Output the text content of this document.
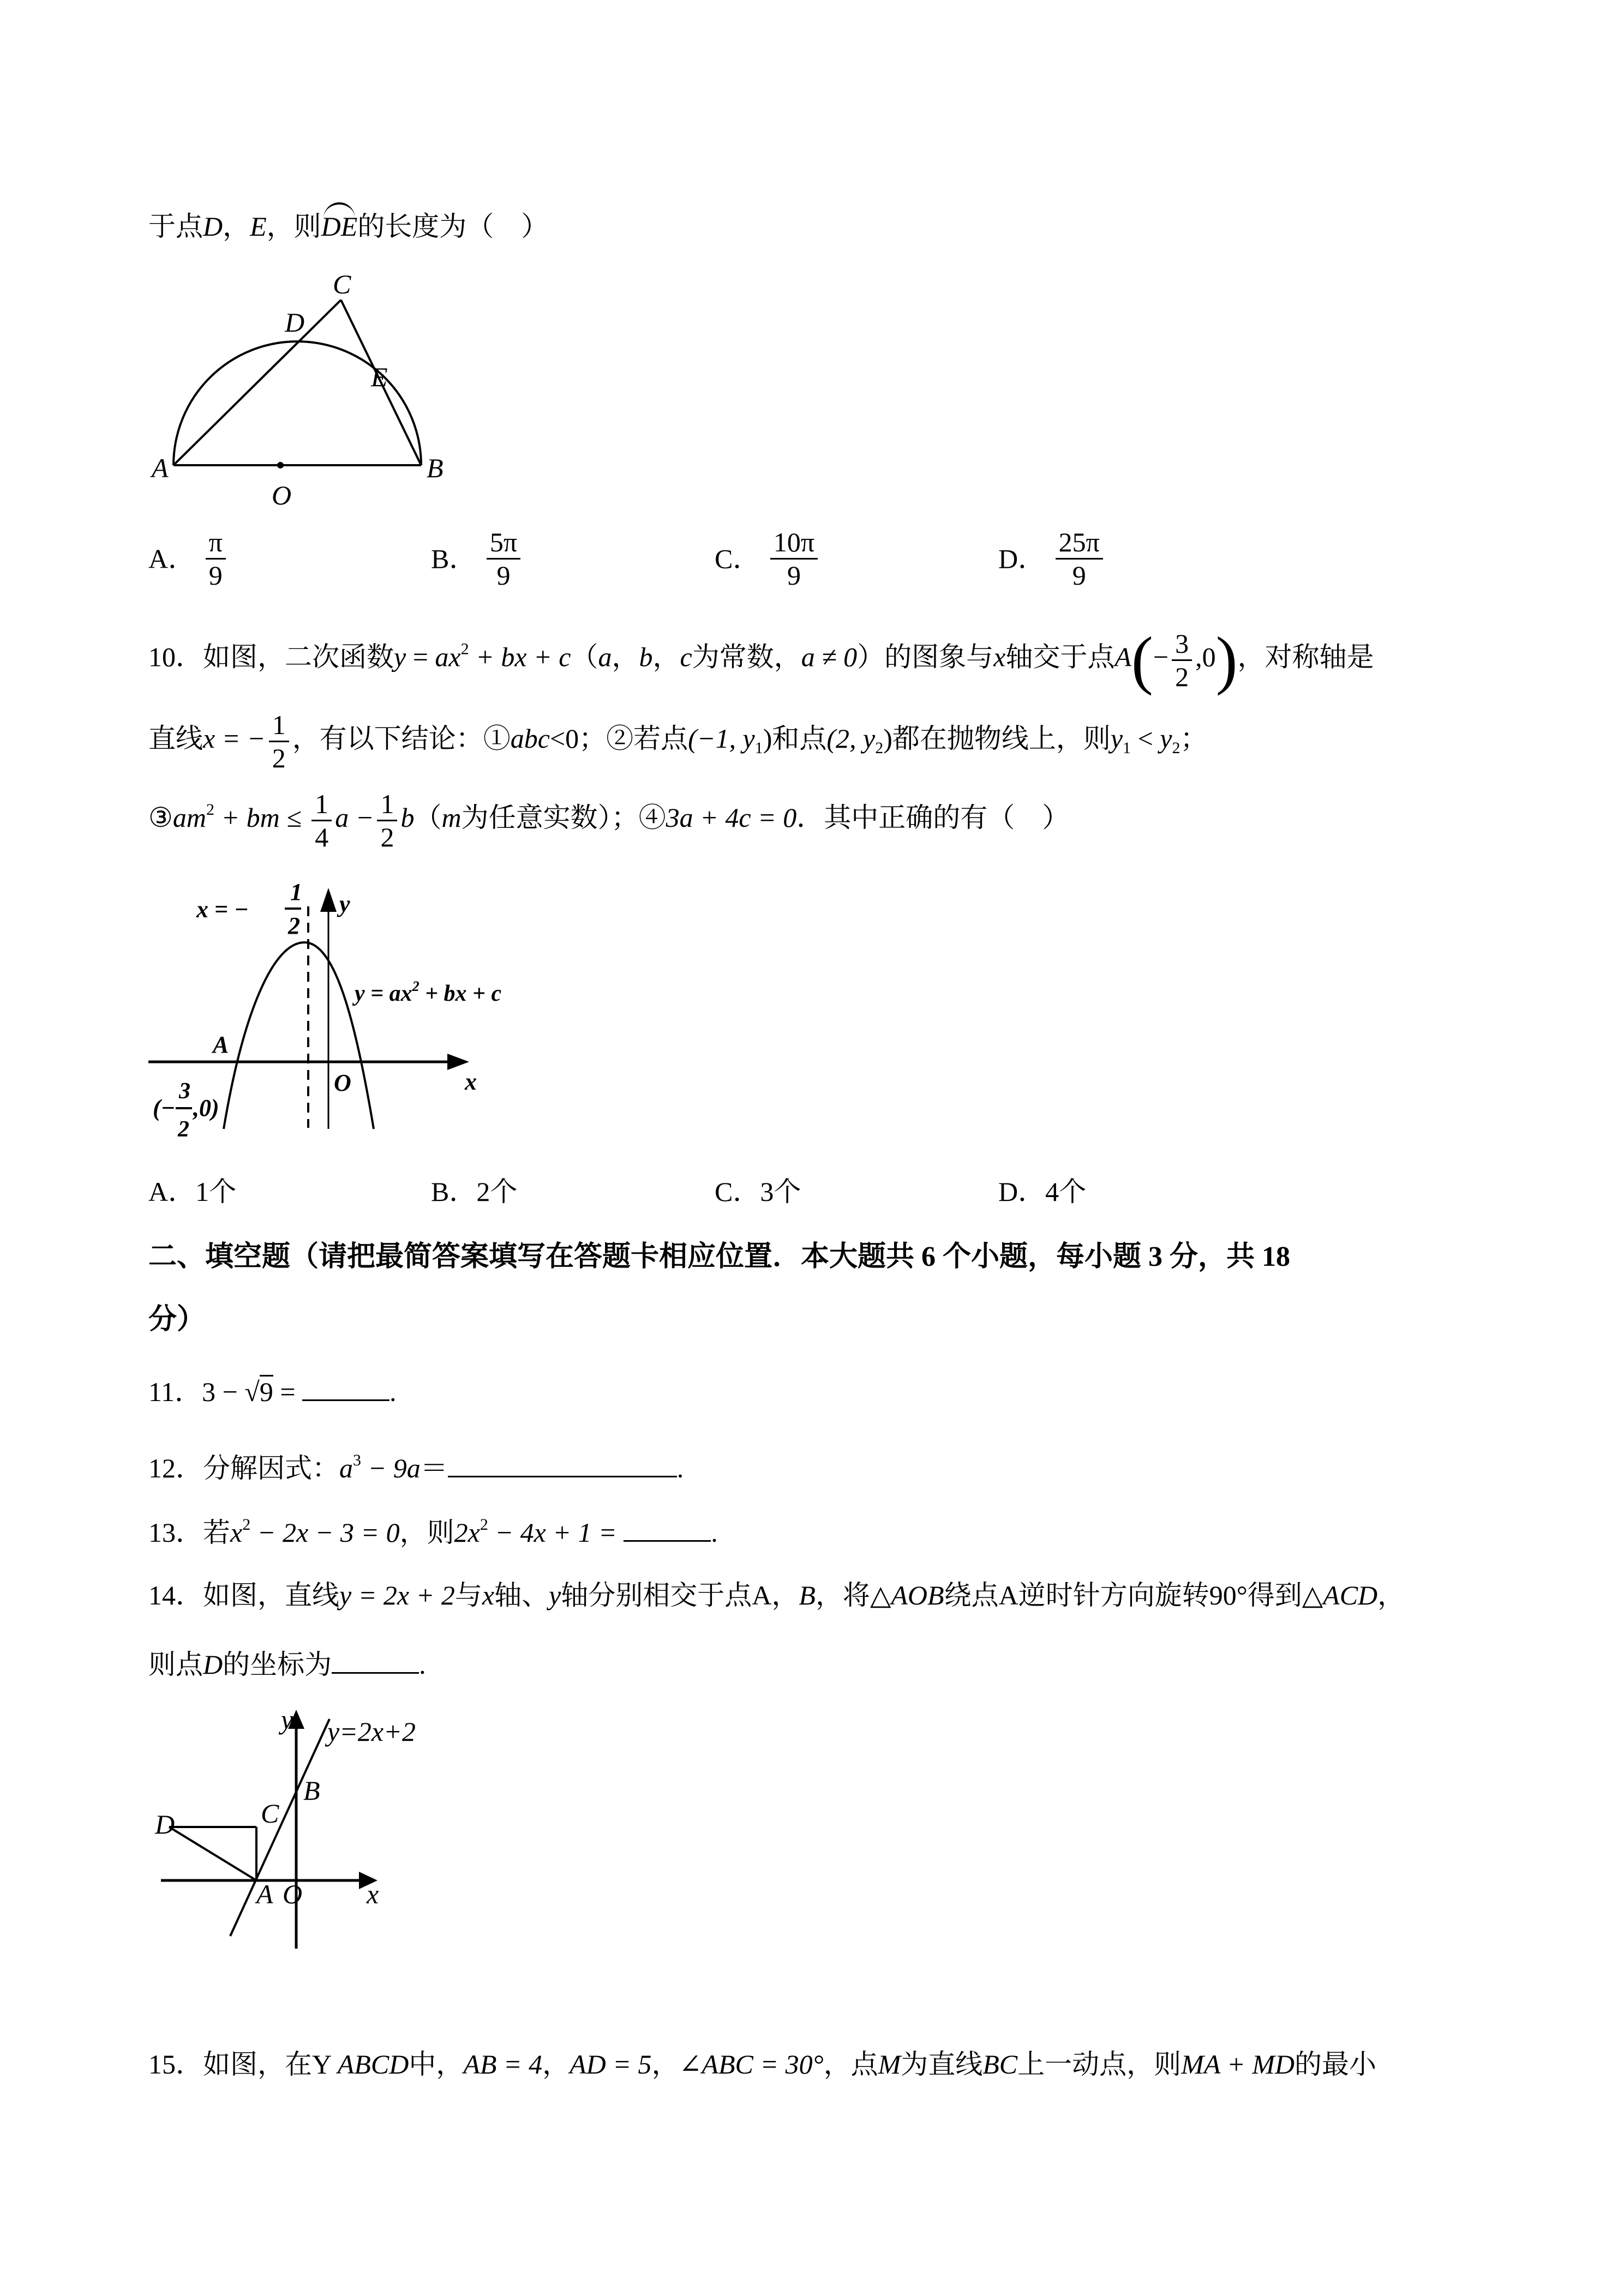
于点D，E，则DE的长度为（　）
A	B
C
D
E
O
A． $\frac{\pi}{9}$	B． $\frac{5\pi}{9}$	C． $\frac{10\pi}{9}$	D． $\frac{25\pi}{9}$
10．如图，二次函数$y = ax^2$ + bx + c（a，b，c为常数，a ≠ 0）的图象与x轴交于点$A(- \frac{3}{2} ,0)$，对称轴是
直线x = − $\frac{1}{2}$ ，有以下结论：①abc<0；②若点(−1, $y_1$)和点(2, $y_2$)都在抛物线上，则$y_1 < y_2$；
$③am^2$ + bm ≤ $\frac{1}{4}$ $a - \frac{1}{2} b(m$为任意实数）；④3a + 4c = 0．其中正确的有（　）
x = −
1
2
y
x
O
A
$y = ax^2$ + bx + c
(−
3
2
,0)
A．1个	B．2个	C．3个	D．4个
二、填空题（请把最简答案填写在答题卡相应位置．本大题共 6 个小题，每小题 3 分，共 18
分）
11．3 − √9 =	.
12．分解因式：$a^3 - 9a=$	.
13．若$x^2 - 2x - 3 = 0$，则$2x^2 - 4x + 1$ =	.
14．如图，直线y = 2x + 2与x轴、y轴分别相交于点A，B，将△AOB绕点A逆时针方向旋转90°得到△ACD，
则点D的坐标为	.
y y=2x+2
B
C
D
A O x
15．如图，在Y ABCD中，AB = 4，AD = 5，∠ABC = 30°，点M为直线BC上一动点，则MA + MD的最小
